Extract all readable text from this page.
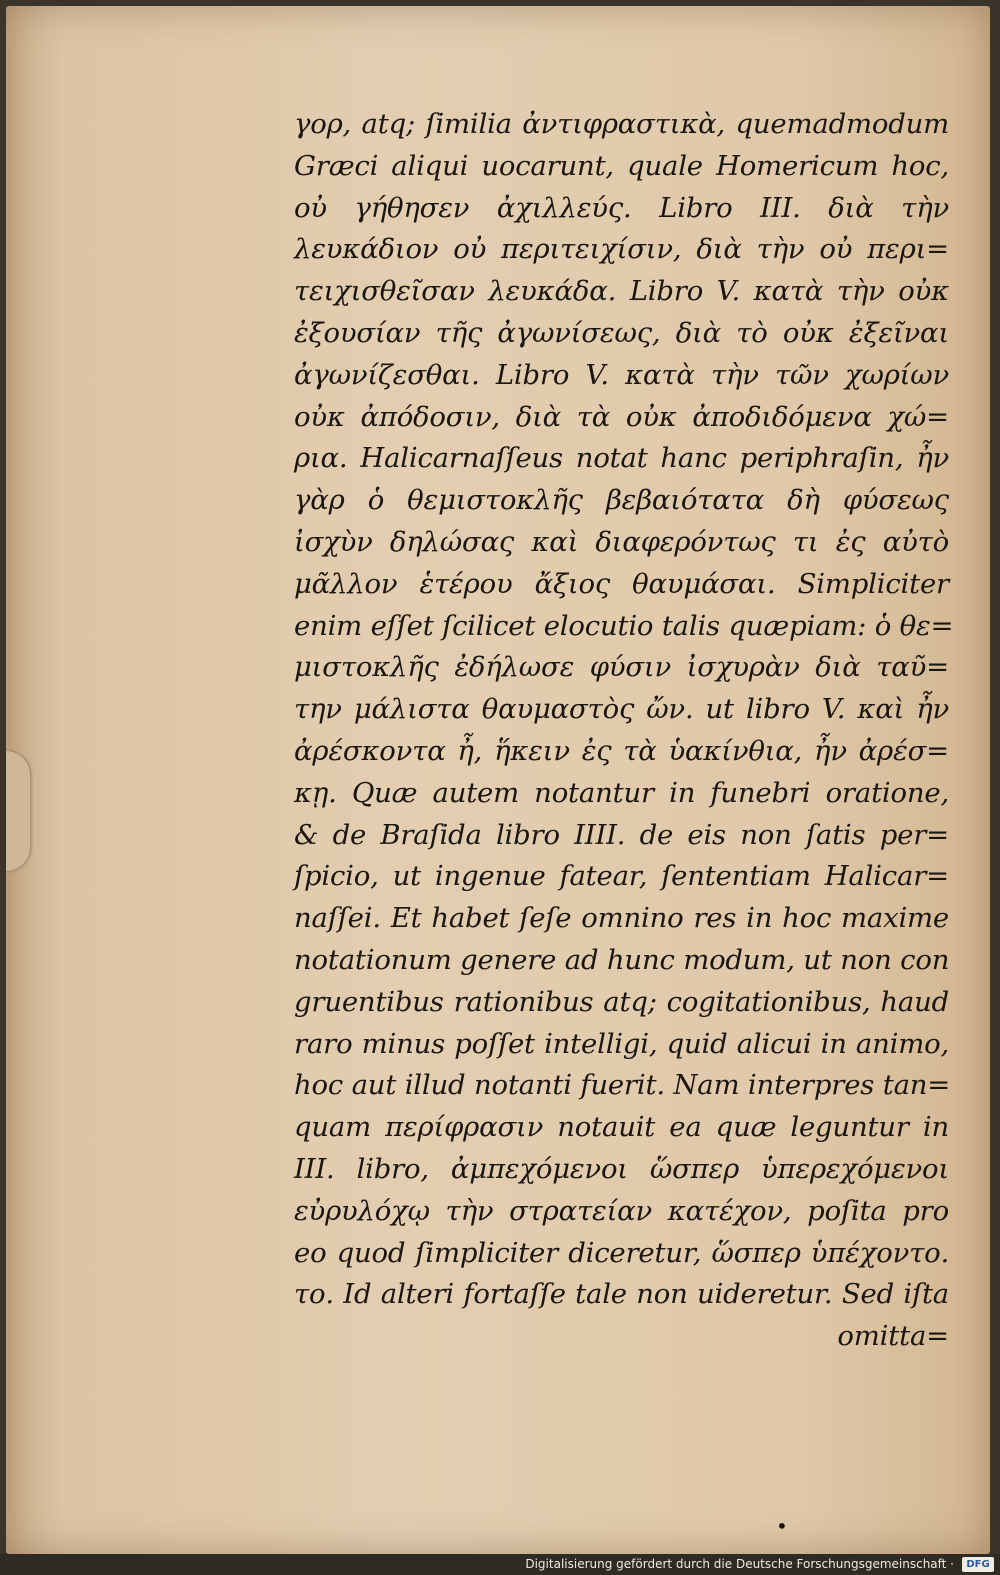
γορ, atq; ſimilia ἀντιφραστικὰ, quemadmodum
Græci aliqui uocarunt, quale Homericum hoc,
οὐ γήθησεν ἀχιλλεύς. Libro III. διὰ τὴν
λευκάδιον οὐ περιτειχίσιν, διὰ τὴν οὐ περι=
τειχισθεῖσαν λευκάδα. Libro V. κατὰ τὴν οὐκ
ἐξουσίαν τῆς ἀγωνίσεως, διὰ τὸ οὐκ ἐξεῖναι
ἀγωνίζεσθαι. Libro V. κατὰ τὴν τῶν χωρίων
οὐκ ἀπόδοσιν, διὰ τὰ οὐκ ἀποδιδόμενα χώ=
ρια. Halicarnaſſeus notat hanc periphraſin, ἦν
γὰρ ὁ θεμιστοκλῆς βεβαιότατα δὴ φύσεως
ἰσχὺν δηλώσας καὶ διαφερόντως τι ἐς αὐτὸ
μᾶλλον ἑτέρου ἄξιος θαυμάσαι. Simpliciter
enim eſſet ſcilicet elocutio talis quæpiam: ὁ θε=
μιστοκλῆς ἐδήλωσε φύσιν ἰσχυρὰν διὰ ταῦ=
την μάλιστα θαυμαστὸς ὤν. ut libro V. καὶ ἦν
ἀρέσκοντα ἦ, ἥκειν ἐς τὰ ὑακίνθια, ἦν ἀρέσ=
κῃ. Quæ autem notantur in funebri oratione,
& de Braſida libro IIII. de eis non ſatis per=
ſpicio, ut ingenue fatear, ſententiam Halicar=
naſſei. Et habet ſeſe omnino res in hoc maxime
notationum genere ad hunc modum, ut non con
gruentibus rationibus atq; cogitationibus, haud
raro minus poſſet intelligi, quid alicui in animo,
hoc aut illud notanti fuerit. Nam interpres tan=
quam περίφρασιν notauit ea quæ leguntur in
III. libro, ἀμπεχόμενοι ὥσπερ ὑπερεχόμενοι
εὐρυλόχῳ τὴν στρατείαν κατέχον, poſita pro
eo quod ſimpliciter diceretur, ὥσπερ ὑπέχοντο.
το. Id alteri fortaſſe tale non uideretur. Sed iſta
omitta=
•
Digitalisierung gefördert durch die Deutsche Forschungsgemeinschaft ·	DFG
